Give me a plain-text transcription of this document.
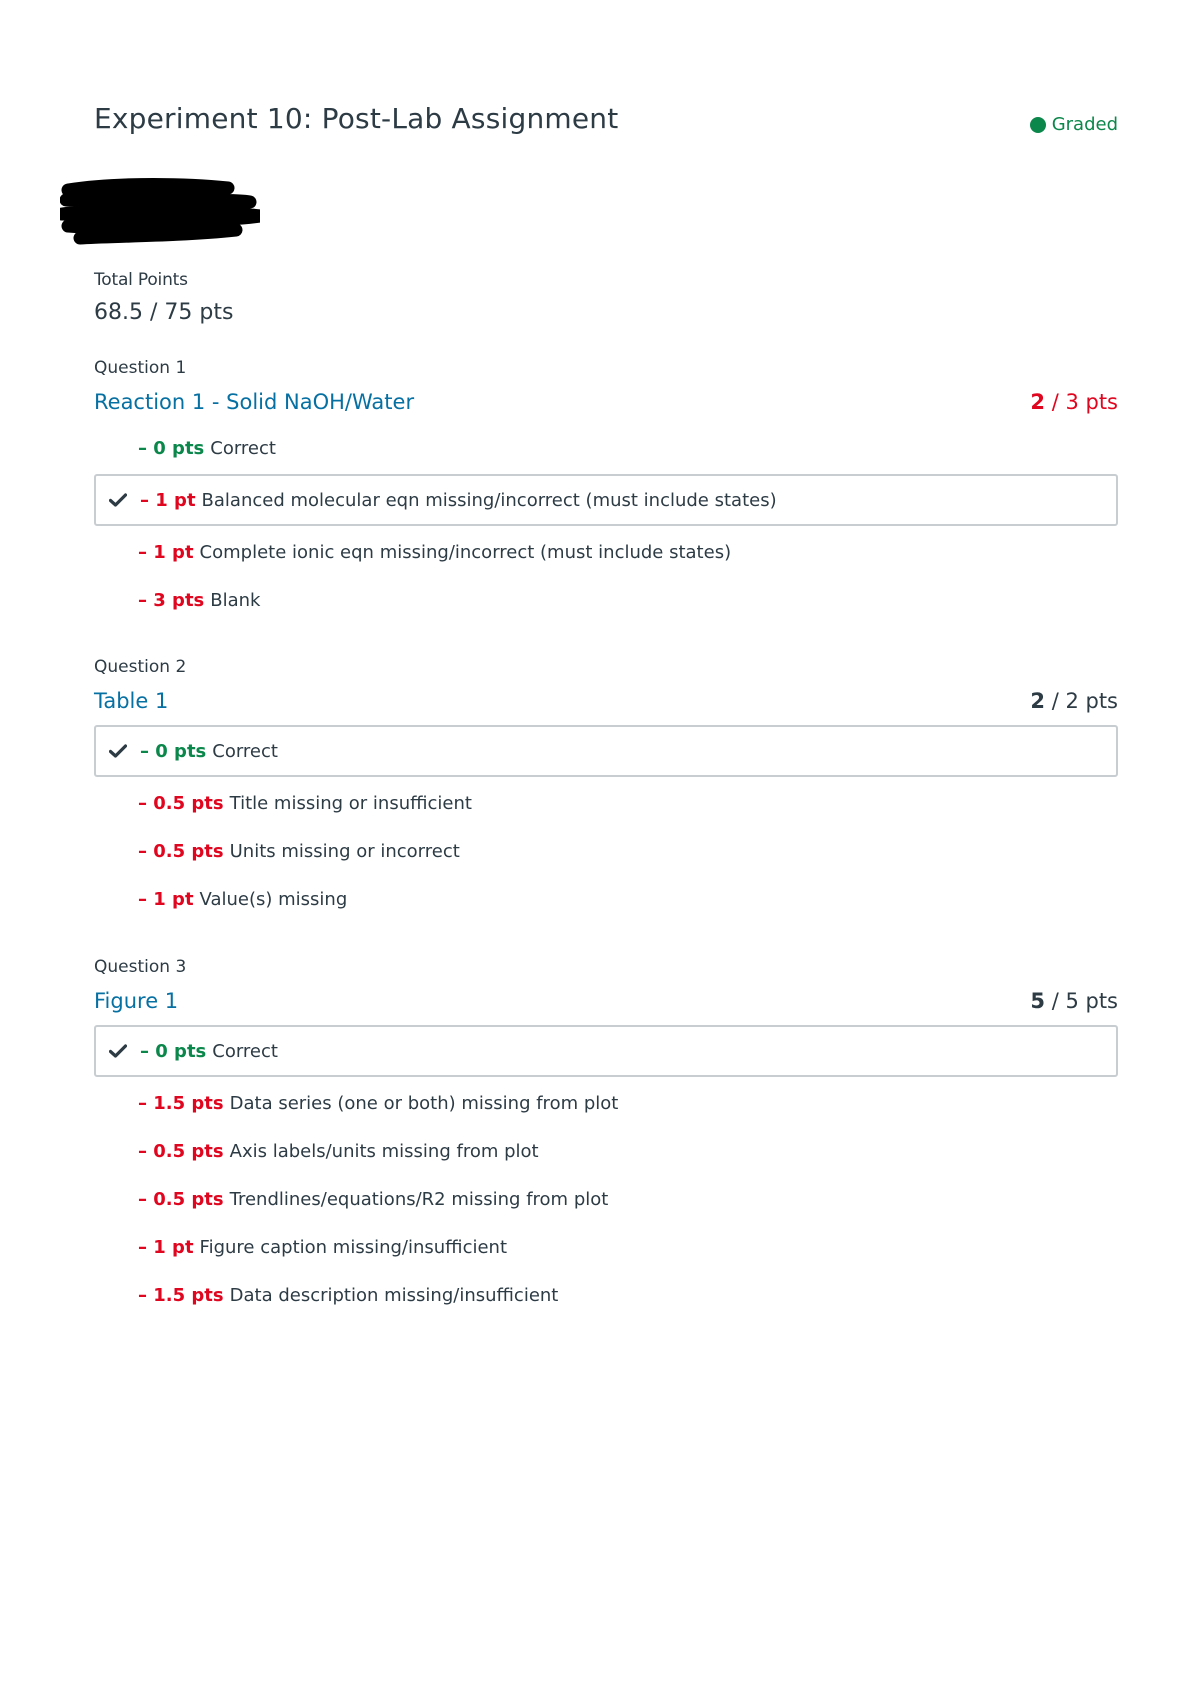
Experiment 10: Post-Lab Assignment	Graded
Total Points
68.5 / 75 pts
Question 1
Reaction 1 - Solid NaOH/Water	2 / 3 pts
– 0 pts Correct
– 1 pt Balanced molecular eqn missing/incorrect (must include states)
– 1 pt Complete ionic eqn missing/incorrect (must include states)
– 3 pts Blank
Question 2
Table 1	2 / 2 pts
– 0 pts Correct
– 0.5 pts Title missing or insufficient
– 0.5 pts Units missing or incorrect
– 1 pt Value(s) missing
Question 3
Figure 1	5 / 5 pts
– 0 pts Correct
– 1.5 pts Data series (one or both) missing from plot
– 0.5 pts Axis labels/units missing from plot
– 0.5 pts Trendlines/equations/R2 missing from plot
– 1 pt Figure caption missing/insufficient
– 1.5 pts Data description missing/insufficient
